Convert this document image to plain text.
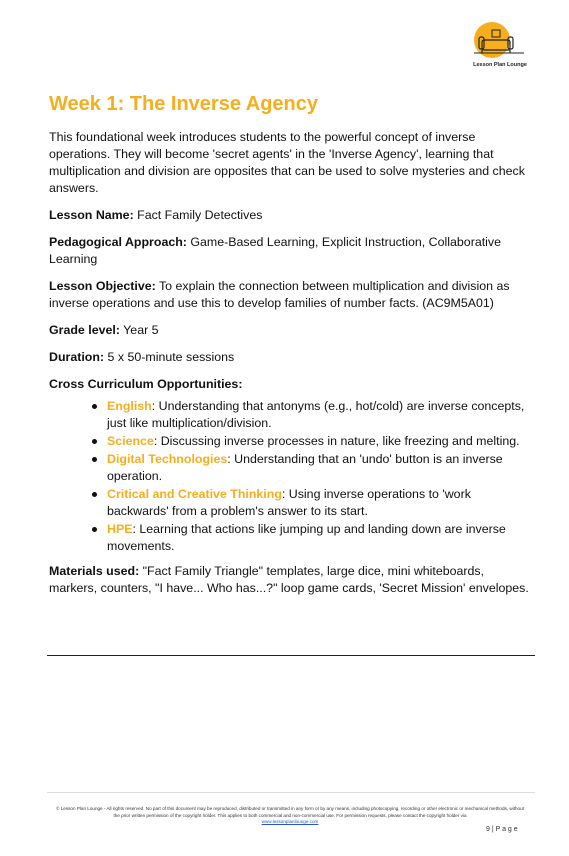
Lesson Plan Lounge
Week 1: The Inverse Agency

This foundational week introduces students to the powerful concept of inverse operations. They will become 'secret agents' in the 'Inverse Agency', learning that multiplication and division are opposites that can be used to solve mysteries and check answers.

Lesson Name: Fact Family Detectives

Pedagogical Approach: Game-Based Learning, Explicit Instruction, Collaborative Learning

Lesson Objective: To explain the connection between multiplication and division as inverse operations and use this to develop families of number facts. (AC9M5A01)

Grade level: Year 5

Duration: 5 x 50-minute sessions

Cross Curriculum Opportunities:

English: Understanding that antonyms (e.g., hot/cold) are inverse concepts, just like multiplication/division.
Science: Discussing inverse processes in nature, like freezing and melting.
Digital Technologies: Understanding that an 'undo' button is an inverse operation.
Critical and Creative Thinking: Using inverse operations to 'work backwards' from a problem's answer to its start.
HPE: Learning that actions like jumping up and landing down are inverse movements.

Materials used: "Fact Family Triangle" templates, large dice, mini whiteboards, markers, counters, "I have... Who has...?" loop game cards, 'Secret Mission' envelopes.

© Lesson Plan Lounge - All rights reserved. No part of this document may be reproduced, distributed or transmitted in any form or by any means, including photocopying, recording or other electronic or mechanical methods, without the prior written permission of the copyright holder. This applies to both commercial and non-commercial use. For permission requests, please contact the copyright holder via
www.lessonplanlounge.com
9 | P a g e
